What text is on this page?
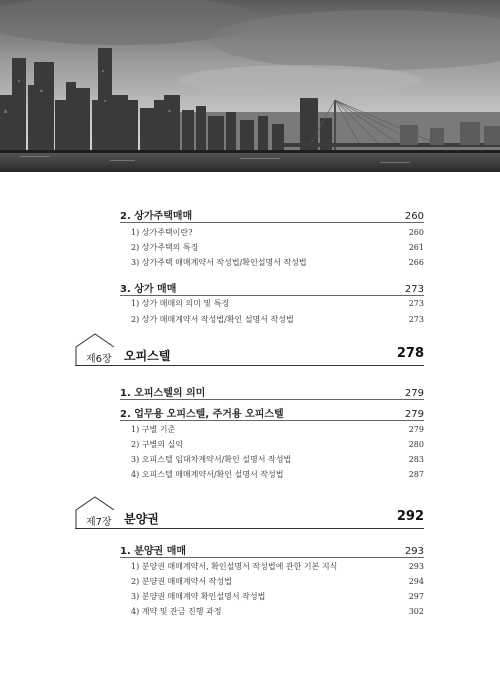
2. 상가주택매매	260
1) 상가주택이란?	260
2) 상가주택의 특징	261
3) 상가주택 매매계약서 작성법/확인설명서 작성법	266
3. 상가 매매	273
1) 상가 매매의 의미 및 특징	273
2) 상가 매매계약서 작성법/확인 설명서 작성법	273
제6장 오피스텔	278
1. 오피스텔의 의미	279
2. 업무용 오피스텔, 주거용 오피스텔	279
1) 구별 기준	279
2) 구별의 실익	280
3) 오피스텔 임대차계약서/확인 설명서 작성법	283
4) 오피스텔 매매계약서/확인 설명서 작성법	287
제7장 분양권	292
1. 분양권 매매	293
1) 분양권 매매계약서, 확인설명서 작성법에 관한 기본 지식	293
2) 분양권 매매계약서 작성법	294
3) 분양권 매매계약 확인설명서 작성법	297
4) 계약 및 잔금 진행 과정	302
